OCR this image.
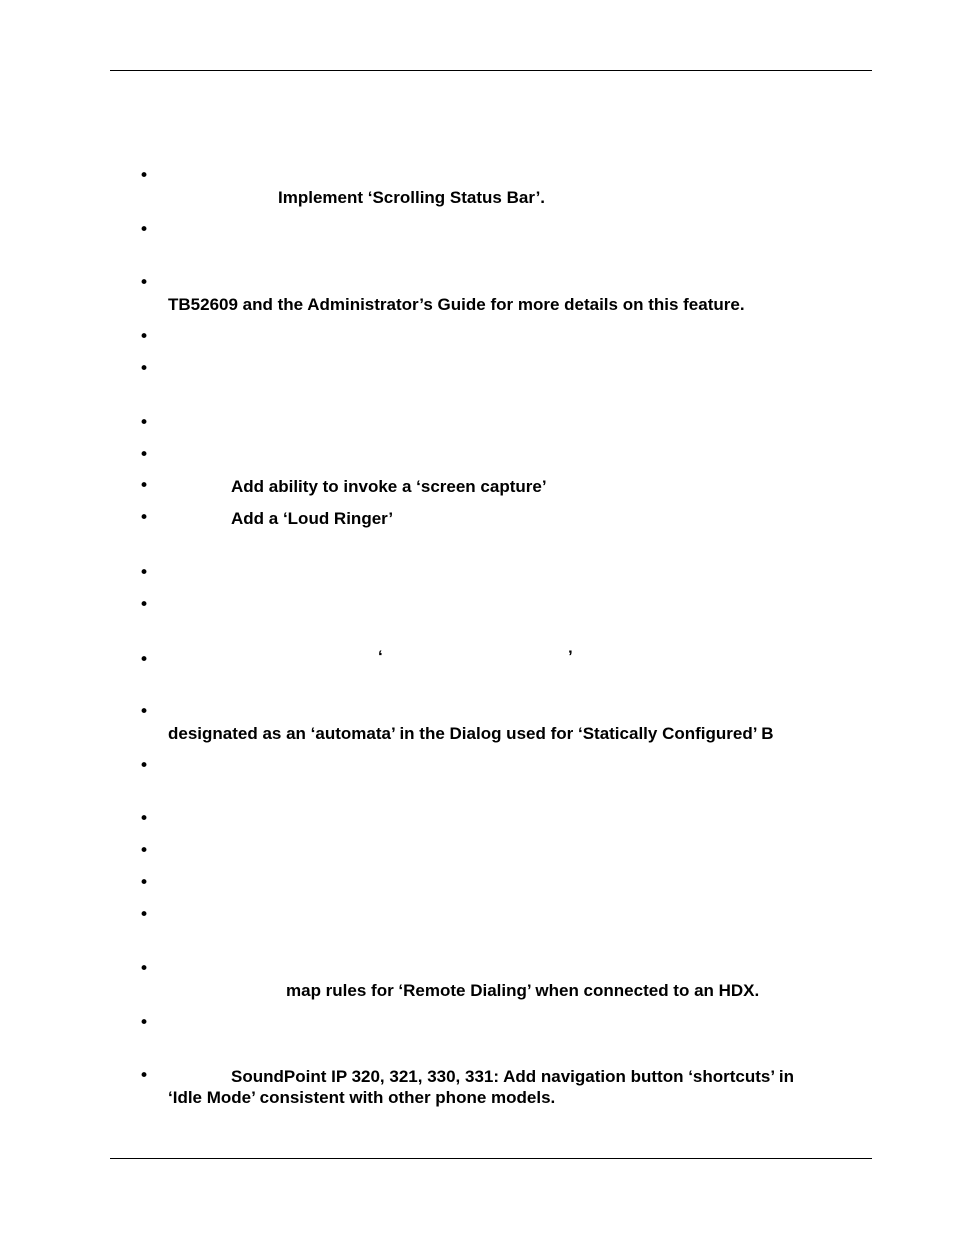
•
Implement ‘Scrolling Status Bar’.
•
•
TB52609 and the Administrator’s Guide for more details on this feature.
•
•
•
•
•	Add ability to invoke a ‘screen capture’
•	Add a ‘Loud Ringer’
•
•
•	‘	’
•
designated as an ‘automata’ in the Dialog used for ‘Statically Configured’ B
•
•
•
•
•
•
map rules for ‘Remote Dialing’ when connected to an HDX.
•
•	SoundPoint IP 320, 321, 330, 331: Add navigation button ‘shortcuts’ in
‘Idle Mode’ consistent with other phone models.
